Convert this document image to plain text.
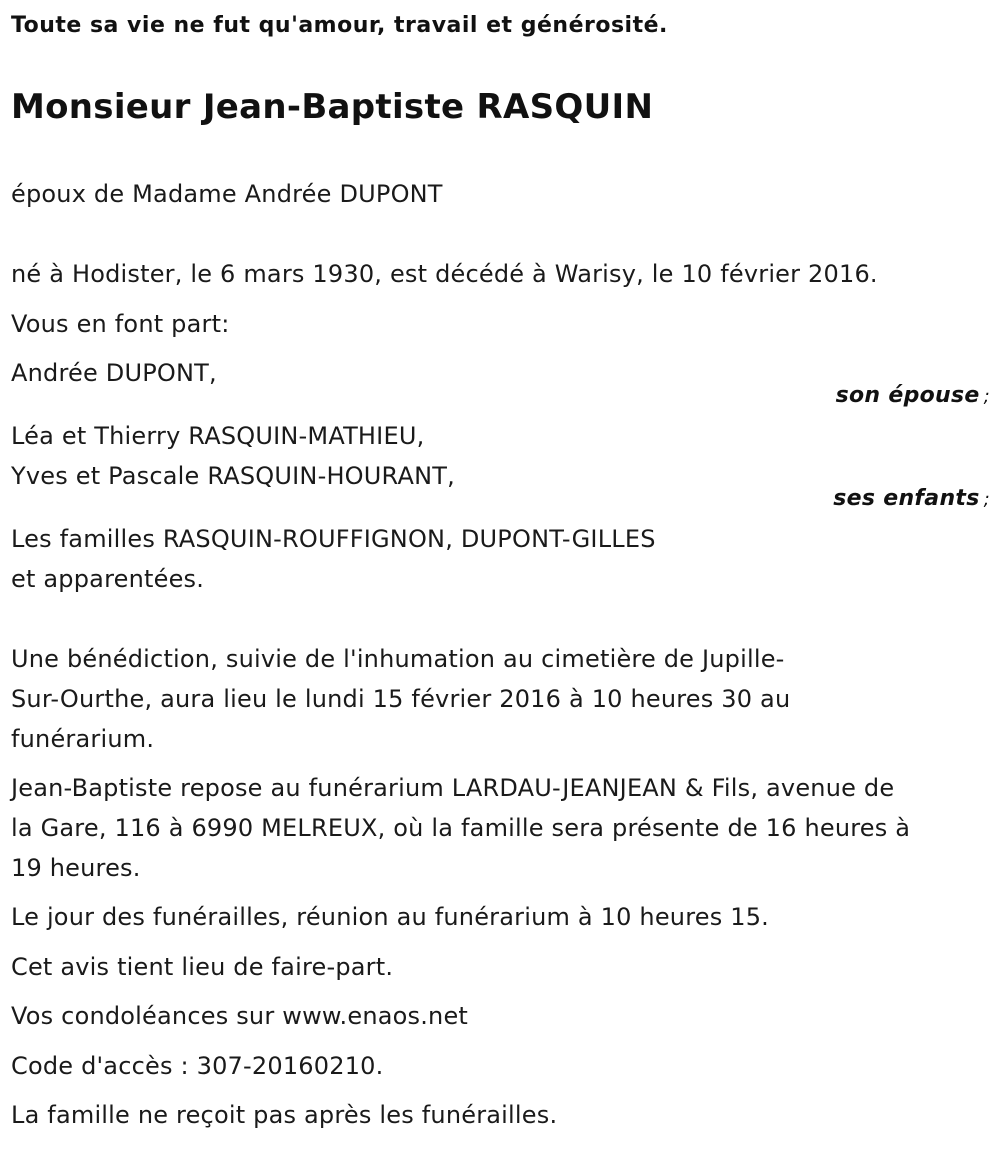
Toute sa vie ne fut qu'amour, travail et générosité.

Monsieur Jean-Baptiste RASQUIN

époux de Madame Andrée DUPONT

né à Hodister, le 6 mars 1930, est décédé à Warisy, le 10 février 2016.

Vous en font part:

Andrée DUPONT,

son épouse ;

Léa et Thierry RASQUIN-MATHIEU,

Yves et Pascale RASQUIN-HOURANT,

ses enfants ;

Les familles RASQUIN-ROUFFIGNON, DUPONT-GILLES

et apparentées.

Une bénédiction, suivie de l'inhumation au cimetière de Jupille-

Sur-Ourthe, aura lieu le lundi 15 février 2016 à 10 heures 30 au

funérarium.

Jean-Baptiste repose au funérarium LARDAU-JEANJEAN & Fils, avenue de

la Gare, 116 à 6990 MELREUX, où la famille sera présente de 16 heures à

19 heures.

Le jour des funérailles, réunion au funérarium à 10 heures 15.

Cet avis tient lieu de faire-part.

Vos condoléances sur www.enaos.net

Code d'accès : 307-20160210.

La famille ne reçoit pas après les funérailles.
